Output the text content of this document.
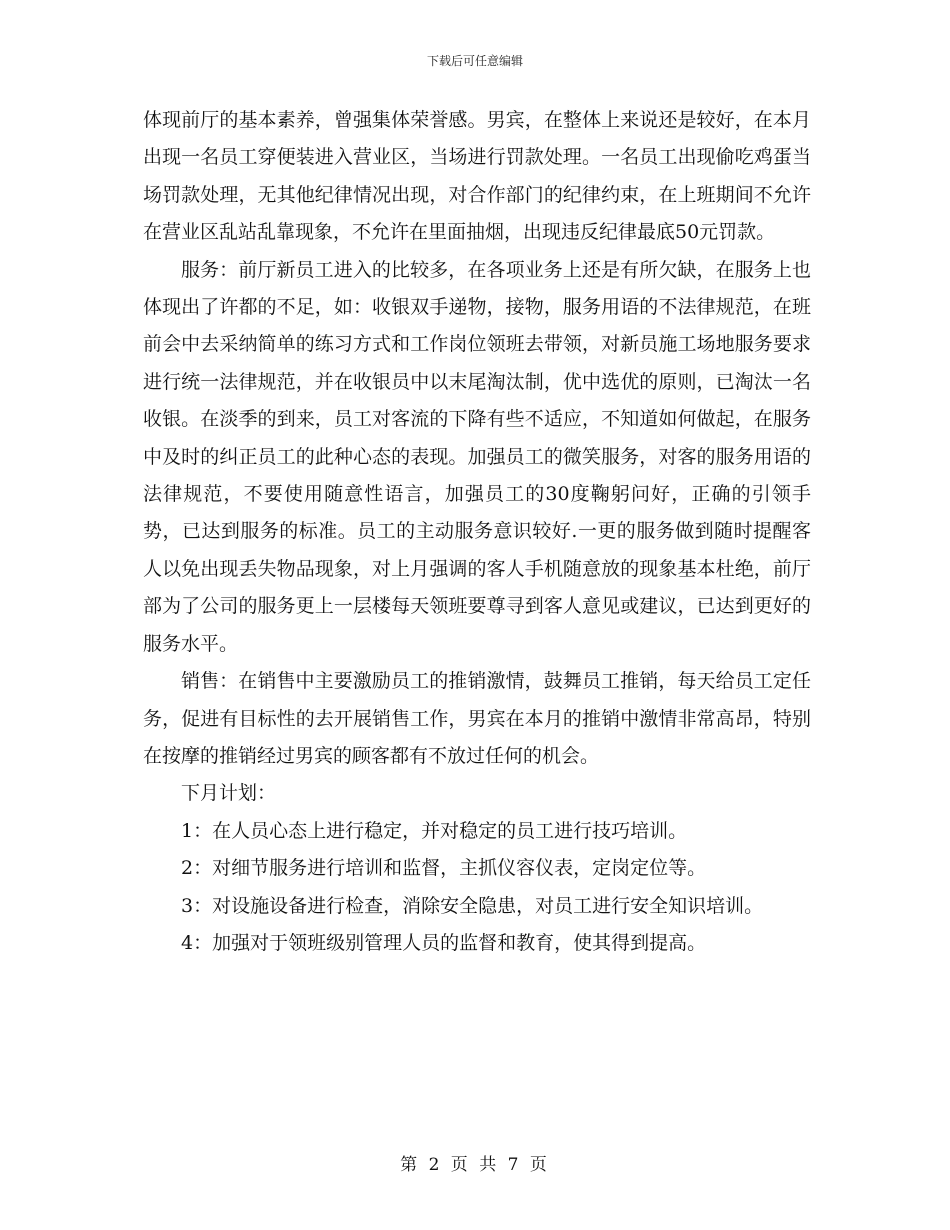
下载后可任意编辑

体现前厅的基本素养，曾强集体荣誉感。男宾，在整体上来说还是较好，在本月出现一名员工穿便装进入营业区，当场进行罚款处理。一名员工出现偷吃鸡蛋当场罚款处理，无其他纪律情况出现，对合作部门的纪律约束，在上班期间不允许在营业区乱站乱靠现象，不允许在里面抽烟，出现违反纪律最底50元罚款。

服务：前厅新员工进入的比较多，在各项业务上还是有所欠缺，在服务上也体现出了许都的不足，如：收银双手递物，接物，服务用语的不法律规范，在班前会中去采纳简单的练习方式和工作岗位领班去带领，对新员施工场地服务要求进行统一法律规范，并在收银员中以末尾淘汰制，优中选优的原则，已淘汰一名收银。在淡季的到来，员工对客流的下降有些不适应，不知道如何做起，在服务中及时的纠正员工的此种心态的表现。加强员工的微笑服务，对客的服务用语的法律规范，不要使用随意性语言，加强员工的30度鞠躬问好，正确的引领手势，已达到服务的标准。员工的主动服务意识较好.一更的服务做到随时提醒客人以免出现丢失物品现象，对上月强调的客人手机随意放的现象基本杜绝，前厅部为了公司的服务更上一层楼每天领班要尊寻到客人意见或建议，已达到更好的服务水平。

销售：在销售中主要激励员工的推销激情，鼓舞员工推销，每天给员工定任务，促进有目标性的去开展销售工作，男宾在本月的推销中激情非常高昂，特别在按摩的推销经过男宾的顾客都有不放过任何的机会。

下月计划：

1：在人员心态上进行稳定，并对稳定的员工进行技巧培训。

2：对细节服务进行培训和监督，主抓仪容仪表，定岗定位等。

3：对设施设备进行检查，消除安全隐患，对员工进行安全知识培训。

4：加强对于领班级别管理人员的监督和教育，使其得到提高。

第 2 页 共 7 页
